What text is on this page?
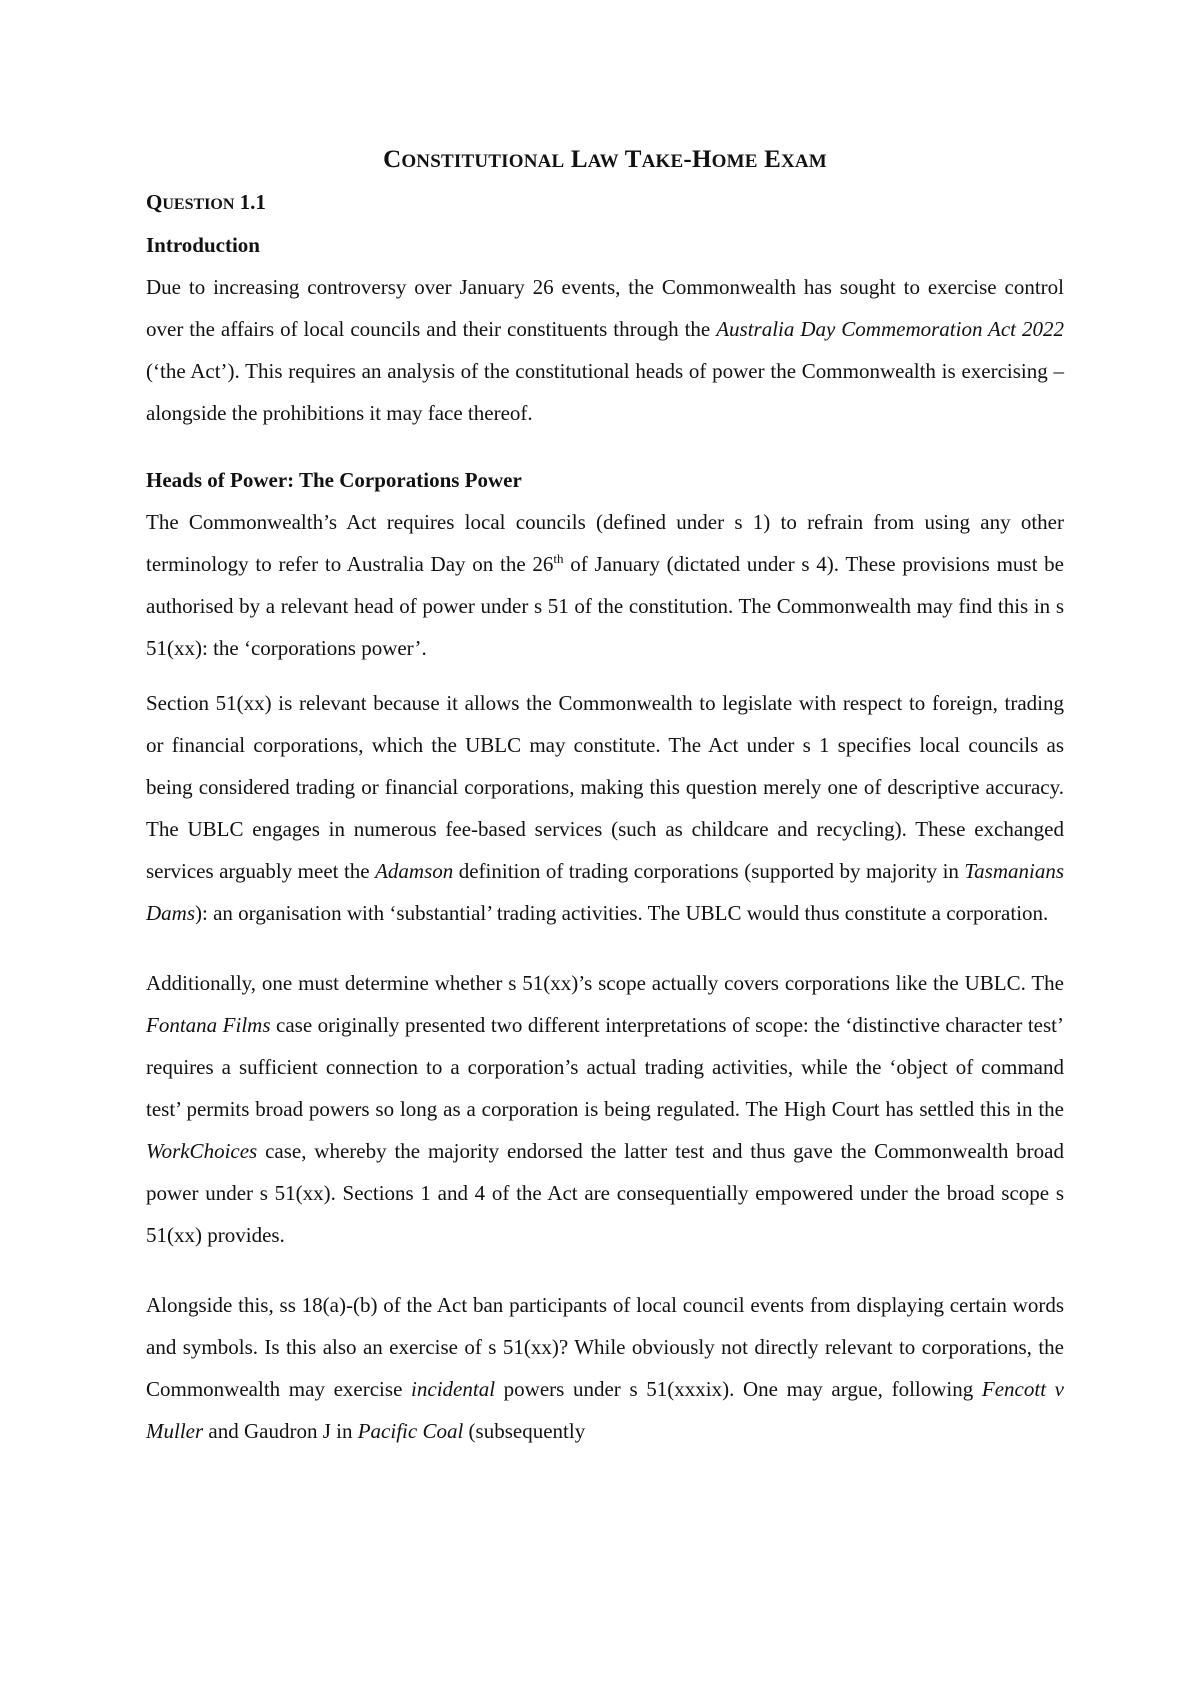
CONSTITUTIONAL LAW TAKE-HOME EXAM
QUESTION 1.1
Introduction

Due to increasing controversy over January 26 events, the Commonwealth has sought to exercise control over the affairs of local councils and their constituents through the Australia Day Commemoration Act 2022 (‘the Act’). This requires an analysis of the constitutional heads of power the Commonwealth is exercising – alongside the prohibitions it may face thereof.

Heads of Power: The Corporations Power

The Commonwealth’s Act requires local councils (defined under s 1) to refrain from using any other terminology to refer to Australia Day on the 26th of January (dictated under s 4). These provisions must be authorised by a relevant head of power under s 51 of the constitution. The Commonwealth may find this in s 51(xx): the ‘corporations power’.

Section 51(xx) is relevant because it allows the Commonwealth to legislate with respect to foreign, trading or financial corporations, which the UBLC may constitute. The Act under s 1 specifies local councils as being considered trading or financial corporations, making this question merely one of descriptive accuracy. The UBLC engages in numerous fee-based services (such as childcare and recycling). These exchanged services arguably meet the Adamson definition of trading corporations (supported by majority in Tasmanians Dams): an organisation with ‘substantial’ trading activities. The UBLC would thus constitute a corporation.

Additionally, one must determine whether s 51(xx)’s scope actually covers corporations like the UBLC. The Fontana Films case originally presented two different interpretations of scope: the ‘distinctive character test’ requires a sufficient connection to a corporation’s actual trading activities, while the ‘object of command test’ permits broad powers so long as a corporation is being regulated. The High Court has settled this in the WorkChoices case, whereby the majority endorsed the latter test and thus gave the Commonwealth broad power under s 51(xx). Sections 1 and 4 of the Act are consequentially empowered under the broad scope s 51(xx) provides.

Alongside this, ss 18(a)-(b) of the Act ban participants of local council events from displaying certain words and symbols. Is this also an exercise of s 51(xx)? While obviously not directly relevant to corporations, the Commonwealth may exercise incidental powers under s 51(xxxix). One may argue, following Fencott v Muller and Gaudron J in Pacific Coal (subsequently
